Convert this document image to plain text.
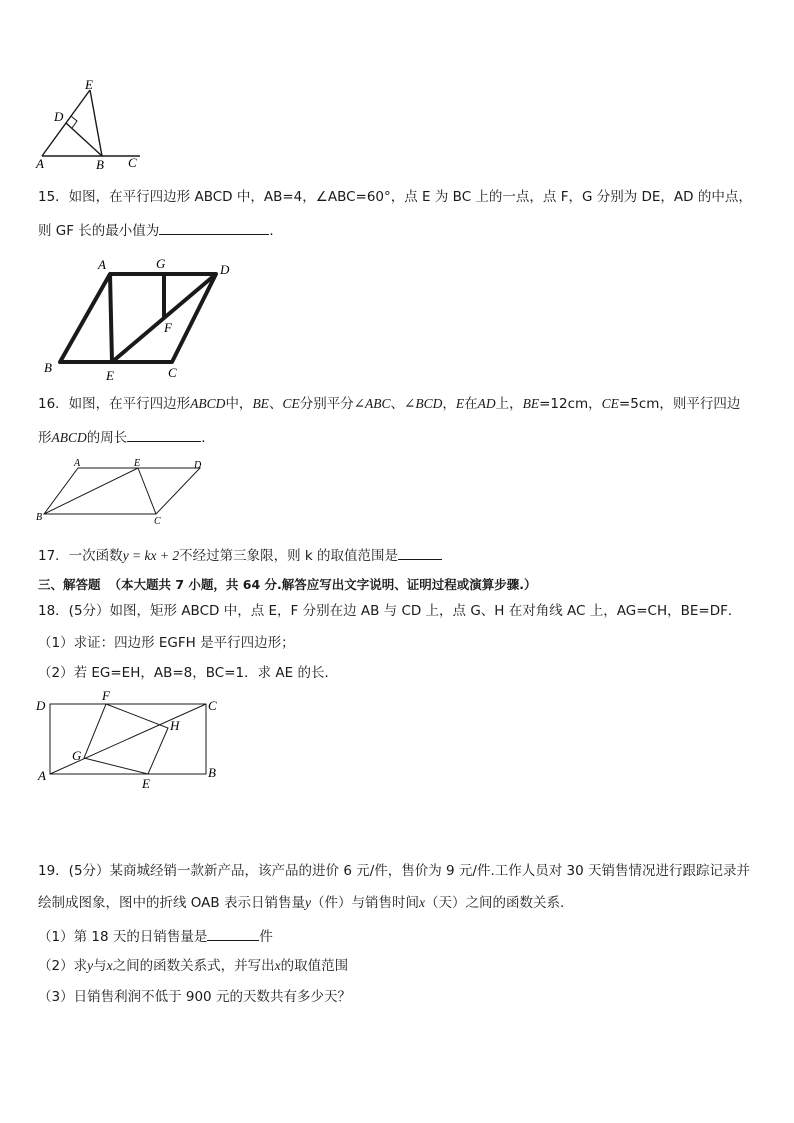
E
D
A	B C
15．如图，在平行四边形 ABCD 中，AB=4，∠ABC=60°，点 E 为 BC 上的一点，点 F，G 分别为 DE，AD 的中点，
则 GF 长的最小值为	．
A	G	D
F
B
E	C
16．如图，在平行四边形ABCD中，BE、CE分别平分∠ABC、∠BCD，E在AD上，BE=12cm，CE=5cm，则平行四边
形ABCD的周长	．
A	E	D
B	C
17．一次函数y = kx + 2不经过第三象限，则 k 的取值范围是
三、解答题 （本大题共 7 小题，共 64 分.解答应写出文字说明、证明过程或演算步骤.）
18．(5分）如图，矩形 ABCD 中，点 E，F 分别在边 AB 与 CD 上，点 G、H 在对角线 AC 上，AG=CH，BE=DF．
（1）求证：四边形 EGFH 是平行四边形；
（2）若 EG=EH，AB=8，BC=1．求 AE 的长．
D
F
C
H
G
A
E
B
19．(5分）某商城经销一款新产品，该产品的进价 6 元/件，售价为 9 元/件.工作人员对 30 天销售情况进行跟踪记录并
绘制成图象，图中的折线 OAB 表示日销售量y（件）与销售时间x（天）之间的函数关系.
（1）第 18 天的日销售量是	件
（2）求y与x之间的函数关系式，并写出x的取值范围
（3）日销售利润不低于 900 元的天数共有多少天？
